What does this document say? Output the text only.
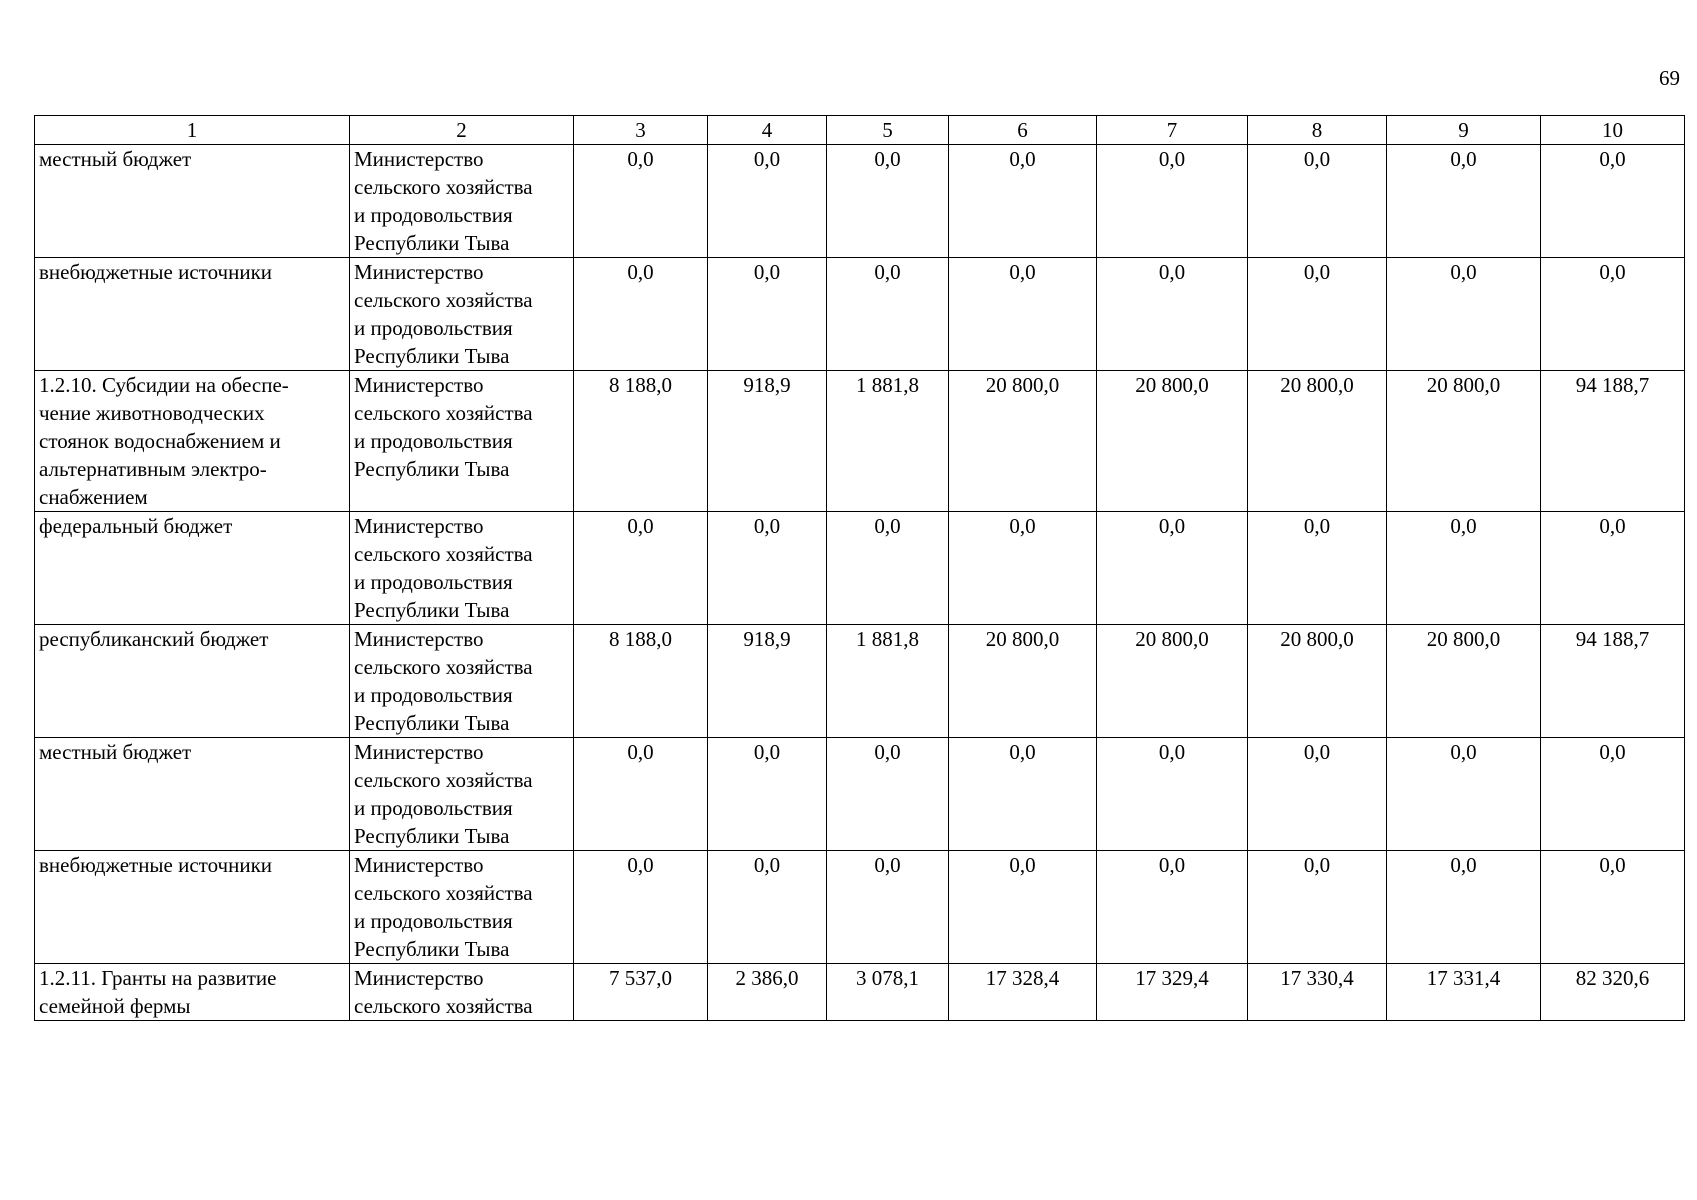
69
1	2	3	4	5	6	7	8	9	10

местный бюджет	Министерство
сельского хозяйства
и продовольствия
Республики Тыва	0,0	0,0	0,0	0,0	0,0	0,0	0,0	0,0

внебюджетные источники	Министерство
сельского хозяйства
и продовольствия
Республики Тыва	0,0	0,0	0,0	0,0	0,0	0,0	0,0	0,0

1.2.10. Субсидии на обеспе-
чение животноводческих
стоянок водоснабжением и
альтернативным электро-
снабжением	Министерство
сельского хозяйства
и продовольствия
Республики Тыва	8 188,0	918,9	1 881,8	20 800,0	20 800,0	20 800,0	20 800,0	94 188,7

федеральный бюджет	Министерство
сельского хозяйства
и продовольствия
Республики Тыва	0,0	0,0	0,0	0,0	0,0	0,0	0,0	0,0

республиканский бюджет	Министерство
сельского хозяйства
и продовольствия
Республики Тыва	8 188,0	918,9	1 881,8	20 800,0	20 800,0	20 800,0	20 800,0	94 188,7

местный бюджет	Министерство
сельского хозяйства
и продовольствия
Республики Тыва	0,0	0,0	0,0	0,0	0,0	0,0	0,0	0,0

внебюджетные источники	Министерство
сельского хозяйства
и продовольствия
Республики Тыва	0,0	0,0	0,0	0,0	0,0	0,0	0,0	0,0

1.2.11. Гранты на развитие
семейной фермы	Министерство
сельского хозяйства	7 537,0	2 386,0	3 078,1	17 328,4	17 329,4	17 330,4	17 331,4	82 320,6
